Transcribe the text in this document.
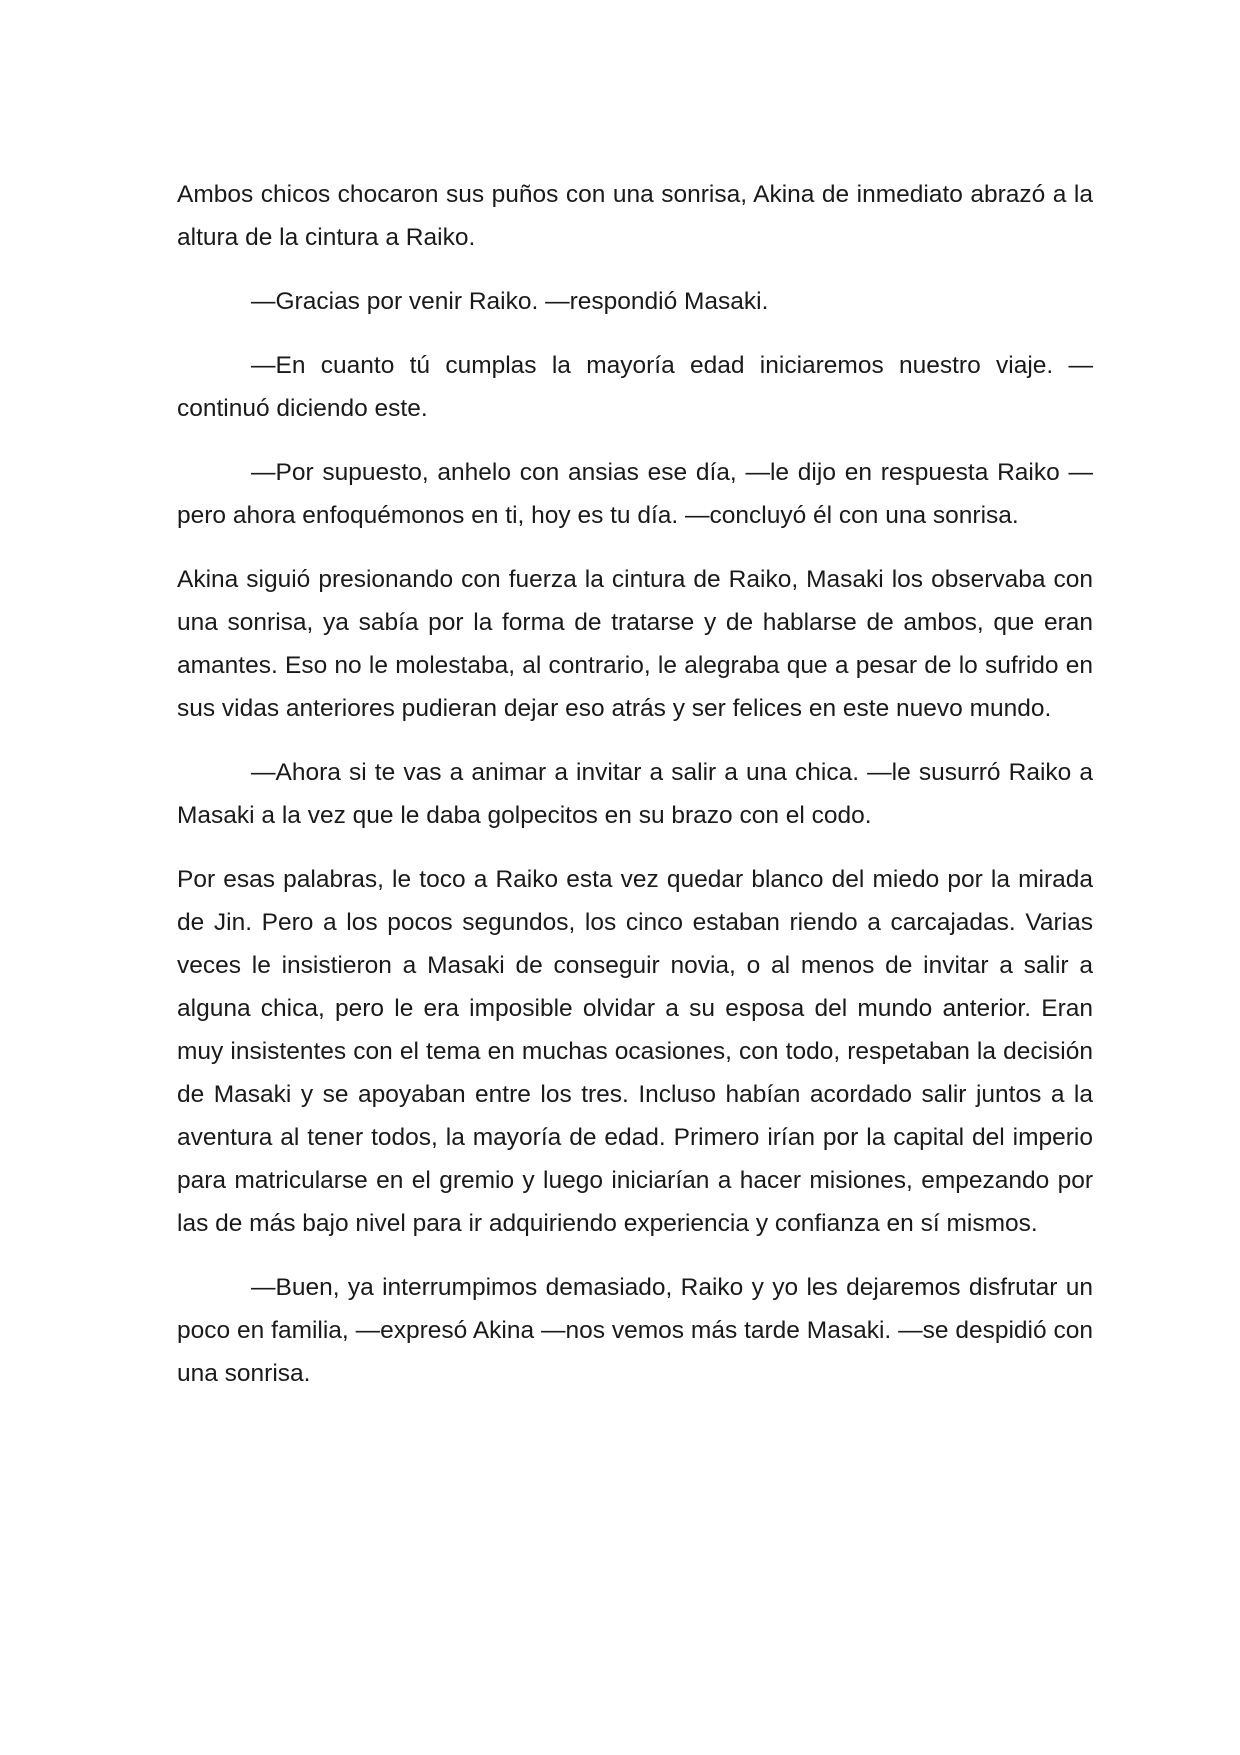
Ambos chicos chocaron sus puños con una sonrisa, Akina de inmediato abrazó a la altura de la cintura a Raiko.

—Gracias por venir Raiko. —respondió Masaki.

—En cuanto tú cumplas la mayoría edad iniciaremos nuestro viaje. —continuó diciendo este.

—Por supuesto, anhelo con ansias ese día, —le dijo en respuesta Raiko —pero ahora enfoquémonos en ti, hoy es tu día. —concluyó él con una sonrisa.

Akina siguió presionando con fuerza la cintura de Raiko, Masaki los observaba con una sonrisa, ya sabía por la forma de tratarse y de hablarse de ambos, que eran amantes. Eso no le molestaba, al contrario, le alegraba que a pesar de lo sufrido en sus vidas anteriores pudieran dejar eso atrás y ser felices en este nuevo mundo.

—Ahora si te vas a animar a invitar a salir a una chica. —le susurró Raiko a Masaki a la vez que le daba golpecitos en su brazo con el codo.

Por esas palabras, le toco a Raiko esta vez quedar blanco del miedo por la mirada de Jin. Pero a los pocos segundos, los cinco estaban riendo a carcajadas. Varias veces le insistieron a Masaki de conseguir novia, o al menos de invitar a salir a alguna chica, pero le era imposible olvidar a su esposa del mundo anterior. Eran muy insistentes con el tema en muchas ocasiones, con todo, respetaban la decisión de Masaki y se apoyaban entre los tres. Incluso habían acordado salir juntos a la aventura al tener todos, la mayoría de edad. Primero irían por la capital del imperio para matricularse en el gremio y luego iniciarían a hacer misiones, empezando por las de más bajo nivel para ir adquiriendo experiencia y confianza en sí mismos.

—Buen, ya interrumpimos demasiado, Raiko y yo les dejaremos disfrutar un poco en familia, —expresó Akina —nos vemos más tarde Masaki. —se despidió con una sonrisa.
